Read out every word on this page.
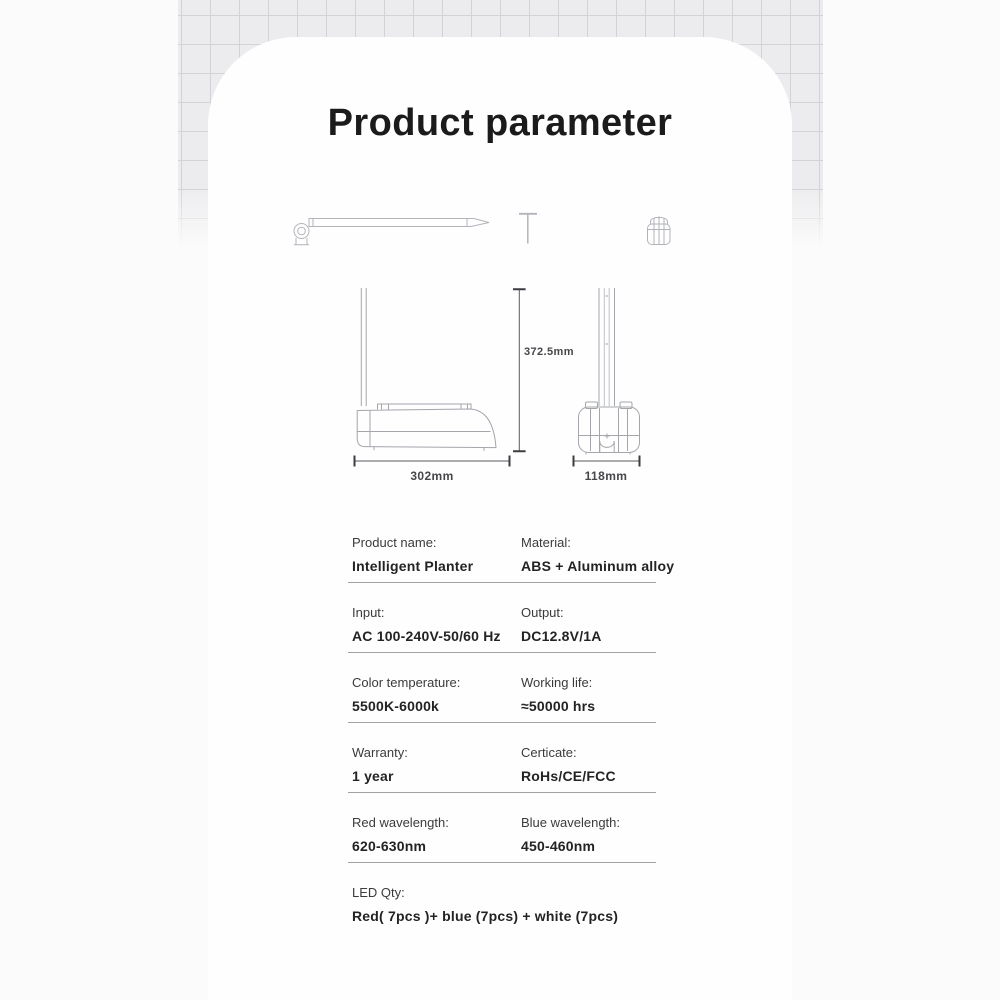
Product parameter
372.5mm
302mm	118mm
Product name:
Intelligent Planter
Material:
ABS + Aluminum alloy
Input:
AC 100-240V-50/60 Hz
Output:
DC12.8V/1A
Color temperature:
5500K-6000k
Working life:
≈50000 hrs
Warranty:
1 year
Certicate:
RoHs/CE/FCC
Red wavelength:
620-630nm
Blue wavelength:
450-460nm
LED Qty:
Red( 7pcs )+ blue (7pcs) + white (7pcs)
